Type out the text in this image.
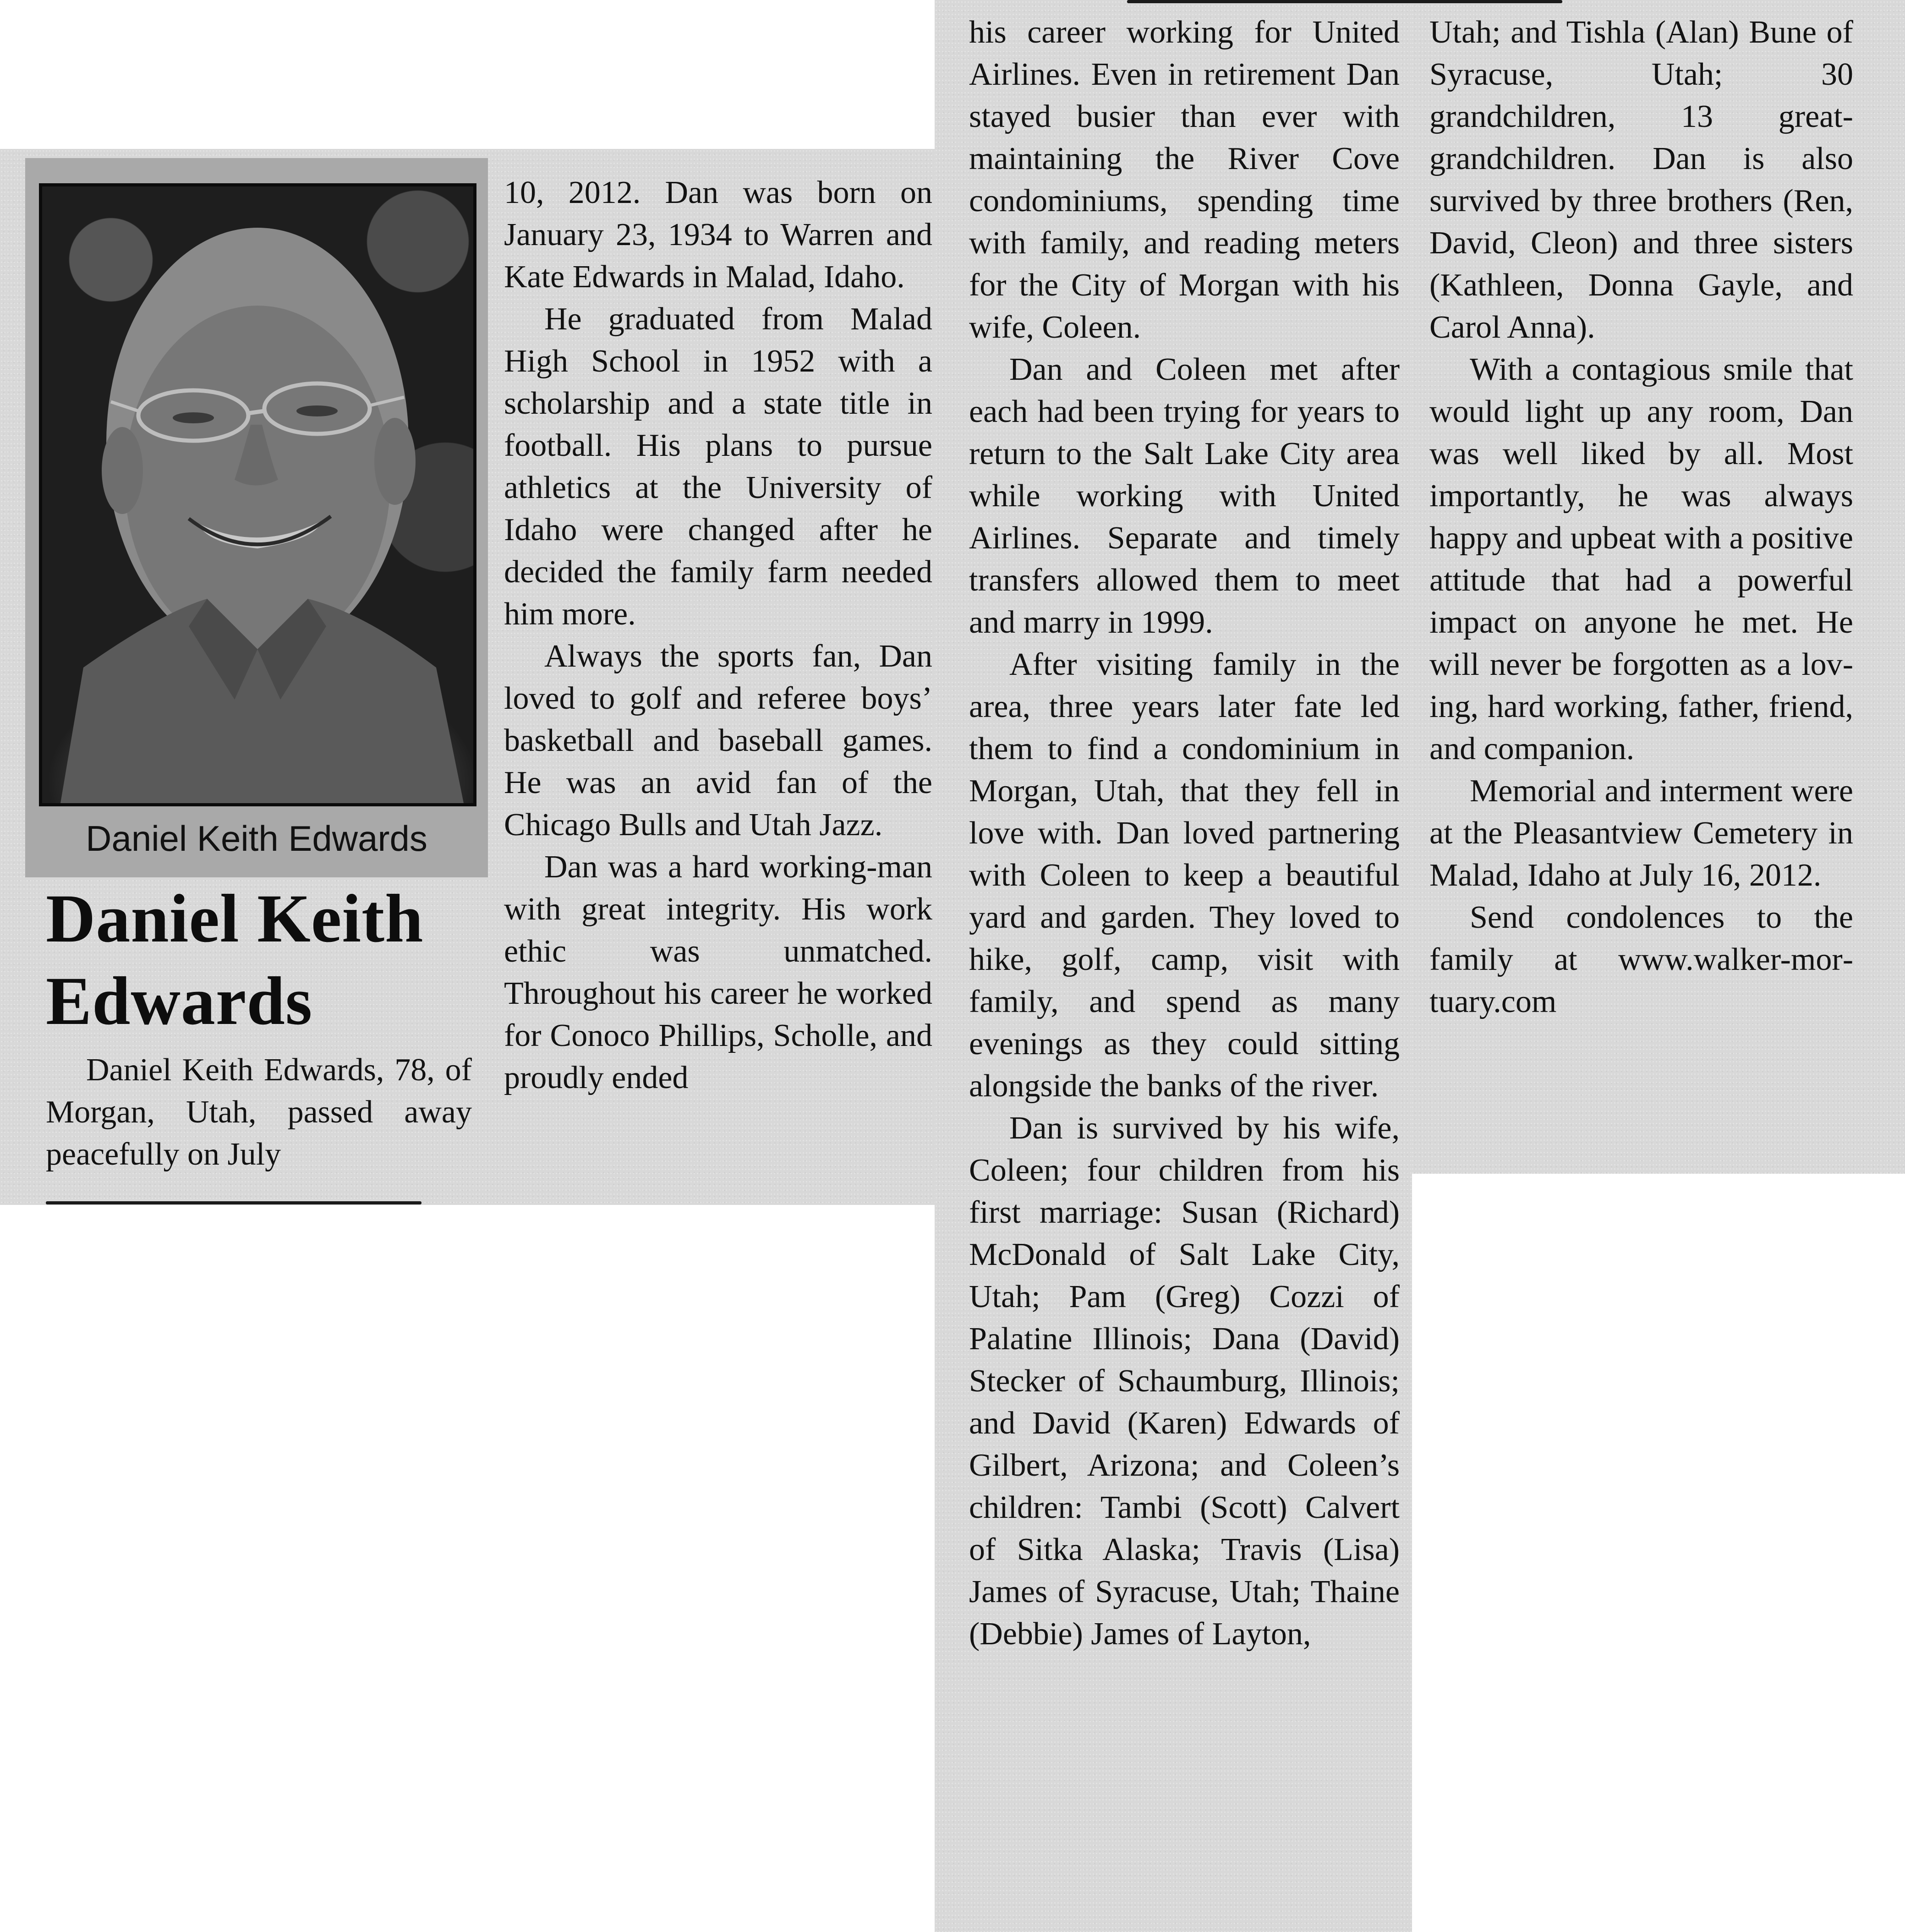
Daniel Keith Edwards
Daniel Keith Edwards

Daniel Keith Edwards, 78, of Morgan, Utah, passed away peacefully on July

10, 2012. Dan was born on January 23, 1934 to Warren and Kate Edwards in Malad, Idaho.

He graduated from Malad High School in 1952 with a scholarship and a state title in football. His plans to pursue athletics at the University of Idaho were changed after he decided the family farm needed him more.

Always the sports fan, Dan loved to golf and referee boys’ basketball and baseball games. He was an avid fan of the Chicago Bulls and Utah Jazz.

Dan was a hard working-man with great integrity. His work ethic was unmatched. Throughout his career he worked for Conoco Phillips, Scholle, and proudly ended

his career working for United Airlines. Even in retirement Dan stayed busier than ever with maintaining the River Cove condominiums, spending time with family, and reading meters for the City of Morgan with his wife, Coleen.

Dan and Coleen met after each had been trying for years to return to the Salt Lake City area while working with United Airlines. Separate and timely transfers allowed them to meet and marry in 1999.

After visiting family in the area, three years later fate led them to find a condominium in Morgan, Utah, that they fell in love with. Dan loved partnering with Coleen to keep a beautiful yard and garden. They loved to hike, golf, camp, visit with family, and spend as many evenings as they could sitting alongside the banks of the river.

Dan is survived by his wife, Coleen; four children from his first marriage: Susan (Richard) McDonald of Salt Lake City, Utah; Pam (Greg) Cozzi of Palatine Illinois; Dana (David) Stecker of Schaumburg, Illinois; and David (Karen) Edwards of Gilbert, Arizona; and Coleen’s children: Tambi (Scott) Calvert of Sitka Alaska; Travis (Lisa) James of Syracuse, Utah; Thaine (Debbie) James of Layton,

Utah; and Tishla (Alan) Bune of Syracuse, Utah; 30 grandchildren, 13 great-grandchildren. Dan is also survived by three brothers (Ren, David, Cleon) and three sisters (Kathleen, Donna Gayle, and Carol Anna).

With a contagious smile that would light up any room, Dan was well liked by all. Most importantly, he was always happy and upbeat with a positive attitude that had a powerful impact on anyone he met. He will never be forgotten as a loving, hard working, father, friend, and companion.

Memorial and interment were at the Pleasantview Cemetery in Malad, Idaho at July 16, 2012.

Send condolences to the family at www.walker-mortuary.com
